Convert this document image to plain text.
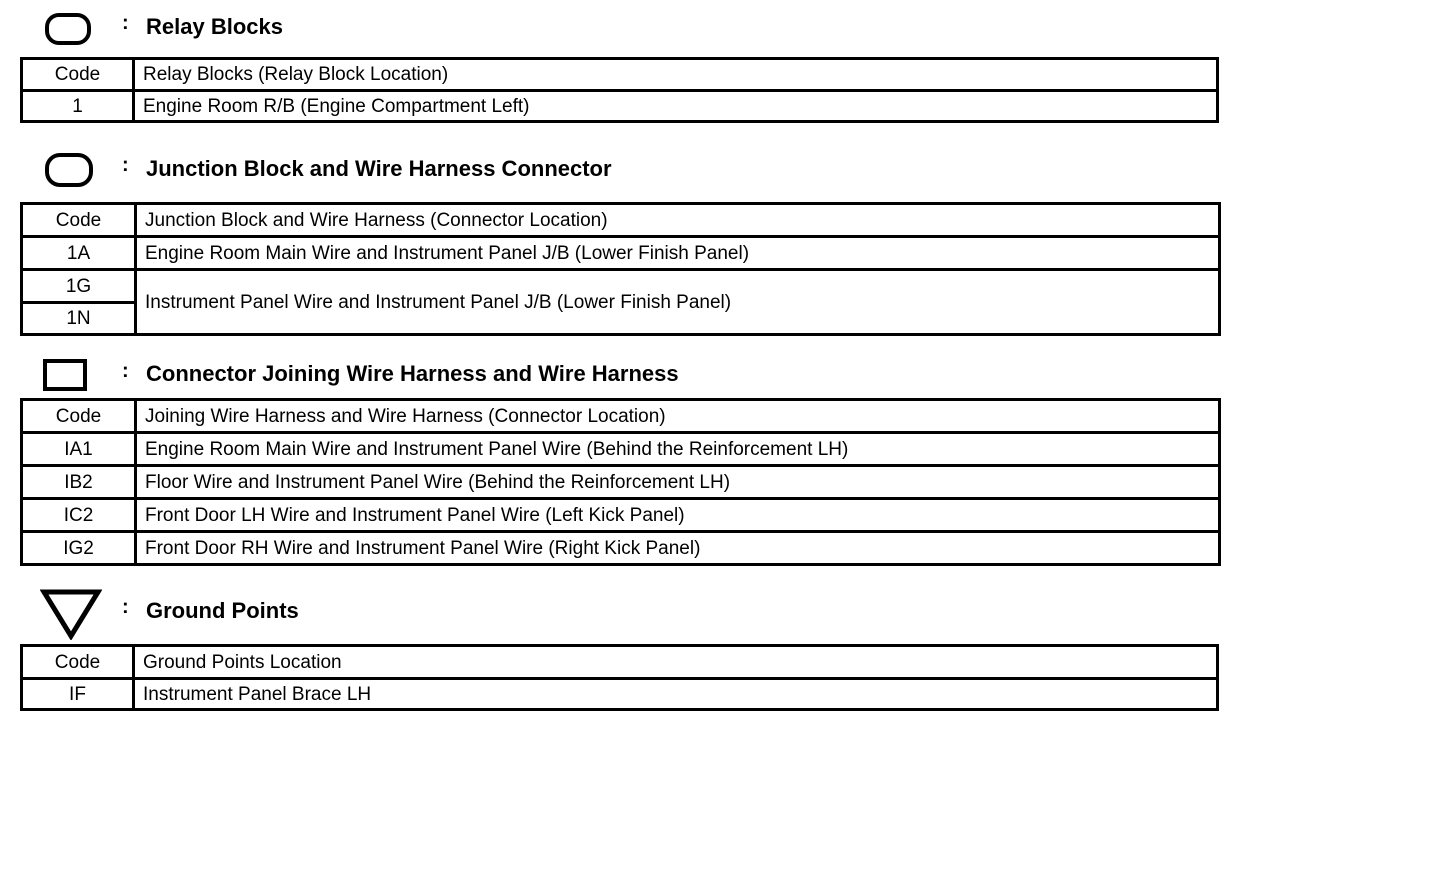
: Relay Blocks
Code	Relay Blocks (Relay Block Location)
1	Engine Room R/B (Engine Compartment Left)
: Junction Block and Wire Harness Connector
Code	Junction Block and Wire Harness (Connector Location)
1A	Engine Room Main Wire and Instrument Panel J/B (Lower Finish Panel)
1G	Instrument Panel Wire and Instrument Panel J/B (Lower Finish Panel)
1N	
: Connector Joining Wire Harness and Wire Harness
Code	Joining Wire Harness and Wire Harness (Connector Location)
IA1	Engine Room Main Wire and Instrument Panel Wire (Behind the Reinforcement LH)
IB2	Floor Wire and Instrument Panel Wire (Behind the Reinforcement LH)
IC2	Front Door LH Wire and Instrument Panel Wire (Left Kick Panel)
IG2	Front Door RH Wire and Instrument Panel Wire (Right Kick Panel)
: Ground Points
Code	Ground Points Location
IF	Instrument Panel Brace LH
